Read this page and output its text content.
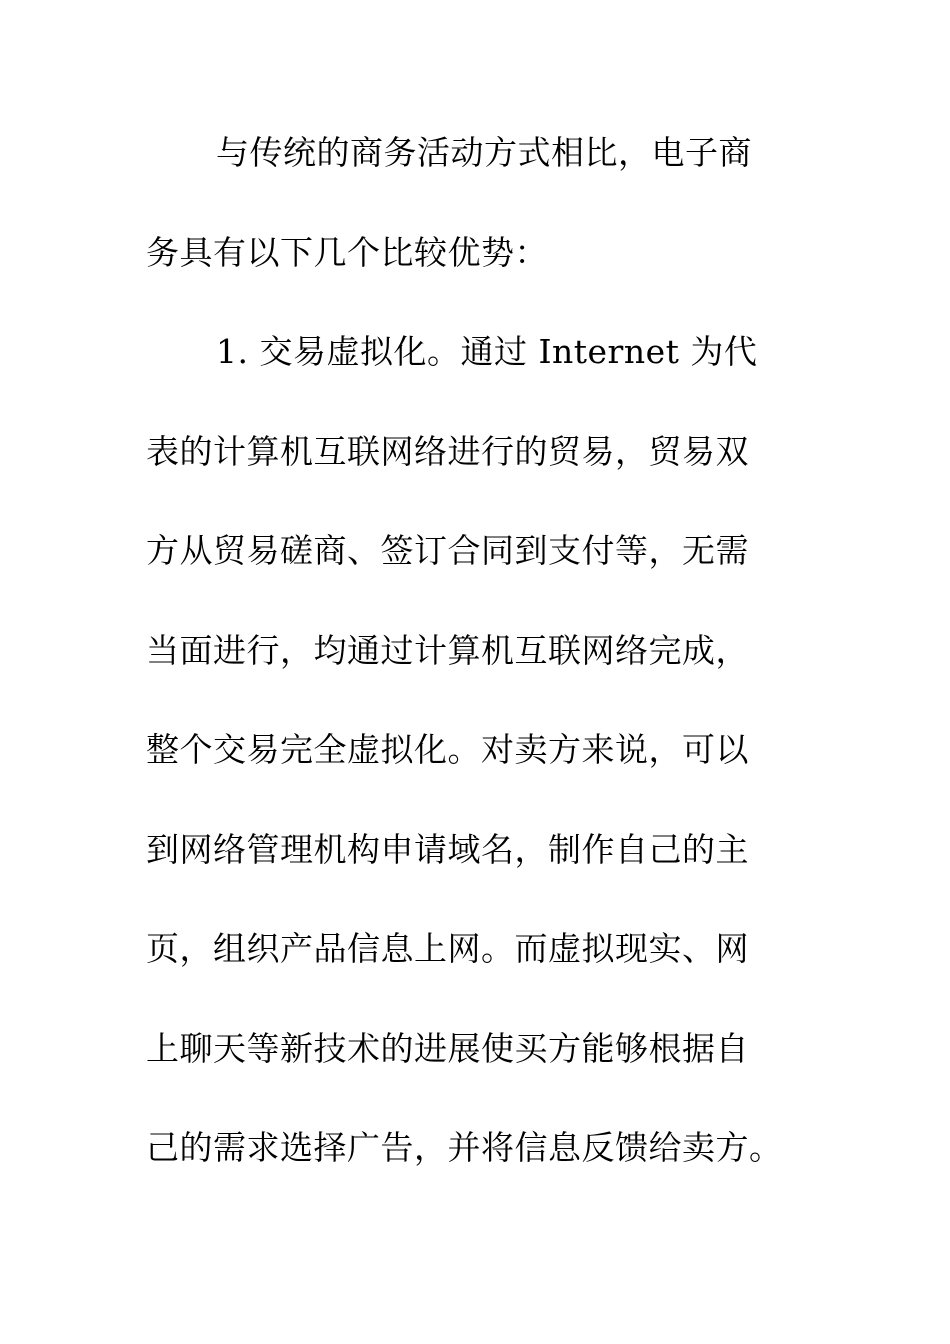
与传统的商务活动方式相比，电子商
务具有以下几个比较优势：
1. 交易虚拟化。通过 Internet 为代
表的计算机互联网络进行的贸易，贸易双
方从贸易磋商、签订合同到支付等，无需
当面进行，均通过计算机互联网络完成，
整个交易完全虚拟化。对卖方来说，可以
到网络管理机构申请域名，制作自己的主
页，组织产品信息上网。而虚拟现实、网
上聊天等新技术的进展使买方能够根据自
己的需求选择广告，并将信息反馈给卖方。
